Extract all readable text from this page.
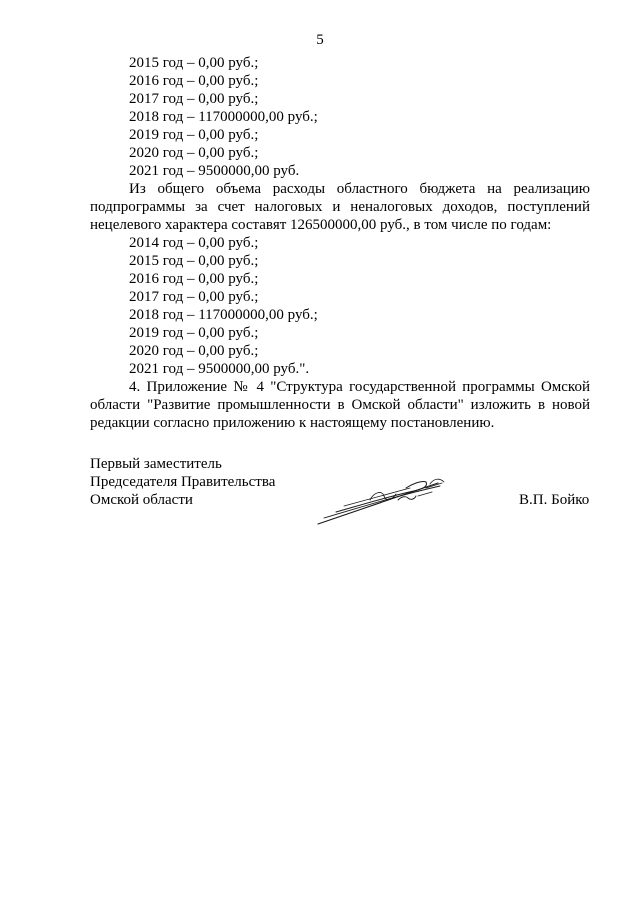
5
2015 год – 0,00 руб.;
2016 год – 0,00 руб.;
2017 год – 0,00 руб.;
2018 год – 117000000,00 руб.;
2019 год – 0,00 руб.;
2020 год – 0,00 руб.;
2021 год – 9500000,00 руб.
Из общего объема расходы областного бюджета на реализацию подпрограммы за счет налоговых и неналоговых доходов, поступлений нецелевого характера составят 126500000,00 руб., в том числе по годам:
2014 год – 0,00 руб.;
2015 год – 0,00 руб.;
2016 год – 0,00 руб.;
2017 год – 0,00 руб.;
2018 год – 117000000,00 руб.;
2019 год – 0,00 руб.;
2020 год – 0,00 руб.;
2021 год – 9500000,00 руб.".
4. Приложение № 4 "Структура государственной программы Омской области "Развитие промышленности в Омской области" изложить в новой редакции согласно приложению к настоящему постановлению.
Первый заместитель
Председателя Правительства
Омской области	В.П. Бойко
